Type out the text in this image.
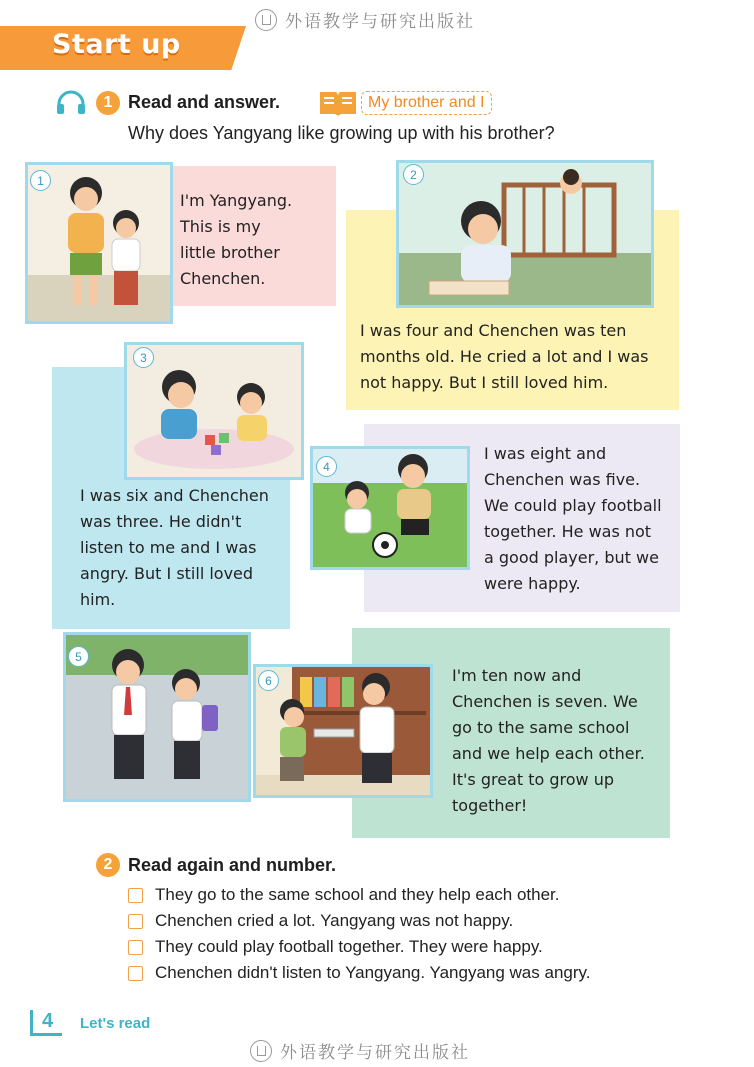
外语教学与研究出版社
Start up
1 Read and answer.	My brother and I
Why does Yangyang like growing up with his brother?
I'm Yangyang.
This is my
little brother
Chenchen.
1
I was four and Chenchen was ten
months old. He cried a lot and I was
not happy. But I still loved him.
2
I was six and Chenchen
was three. He didn't
listen to me and I was
angry. But I still loved
him.
3
I was eight and
Chenchen was five.
We could play football
together. He was not
a good player, but we
were happy.
4
5
I'm ten now and
Chenchen is seven. We
go to the same school
and we help each other.
It's great to grow up
together!
6
2 Read again and number.
They go to the same school and they help each other.
Chenchen cried a lot. Yangyang was not happy.
They could play football together. They were happy.
Chenchen didn't listen to Yangyang. Yangyang was angry.
4	Let's read
外语教学与研究出版社
